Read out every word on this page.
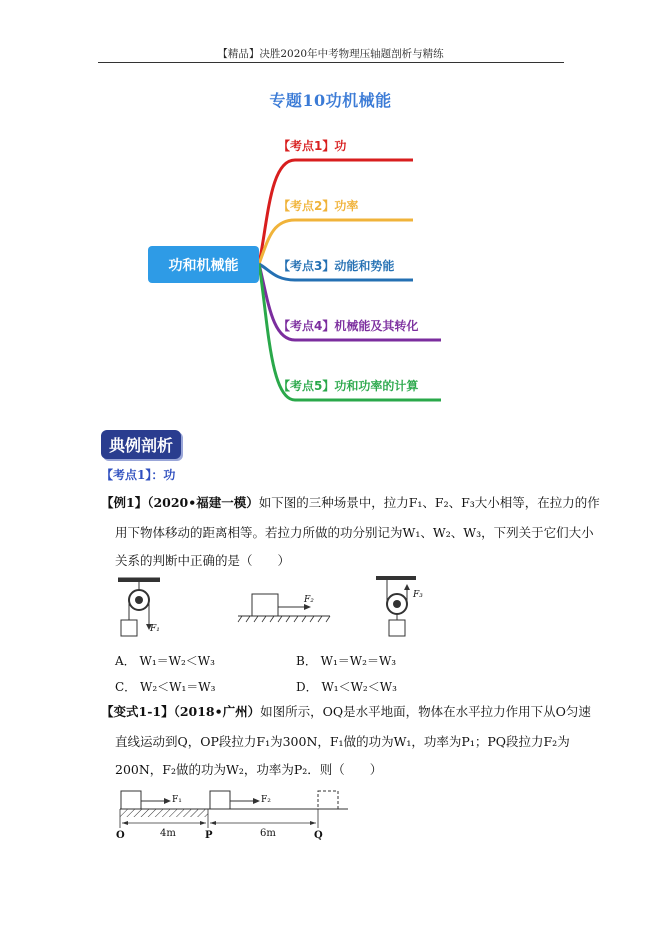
【精品】决胜2020年中考物理压轴题剖析与精练
专题10功机械能
功和机械能
【考点1】功
【考点2】功率
【考点3】动能和势能
【考点4】机械能及其转化
【考点5】功和功率的计算
典例剖析
【考点1】：功
【例1】（2020•福建一模）如下图的三种场景中，拉力F₁、F₂、F₃大小相等，在拉力的作
用下物体移动的距离相等。若拉力所做的功分别记为W₁、W₂、W₃，下列关于它们大小
关系的判断中正确的是（　　）
F₁
F₂	F₃
A． W₁＝W₂＜W₃	B． W₁＝W₂＝W₃
C． W₂＜W₁＝W₃	D． W₁＜W₂＜W₃
【变式1-1】（2018•广州）如图所示，OQ是水平地面，物体在水平拉力作用下从O匀速
直线运动到Q，OP段拉力F₁为300N，F₁做的功为W₁，功率为P₁；PQ段拉力F₂为
200N，F₂做的功为W₂，功率为P₂．则（　　）
F₁	F₂
4m	6m
O	P	Q
